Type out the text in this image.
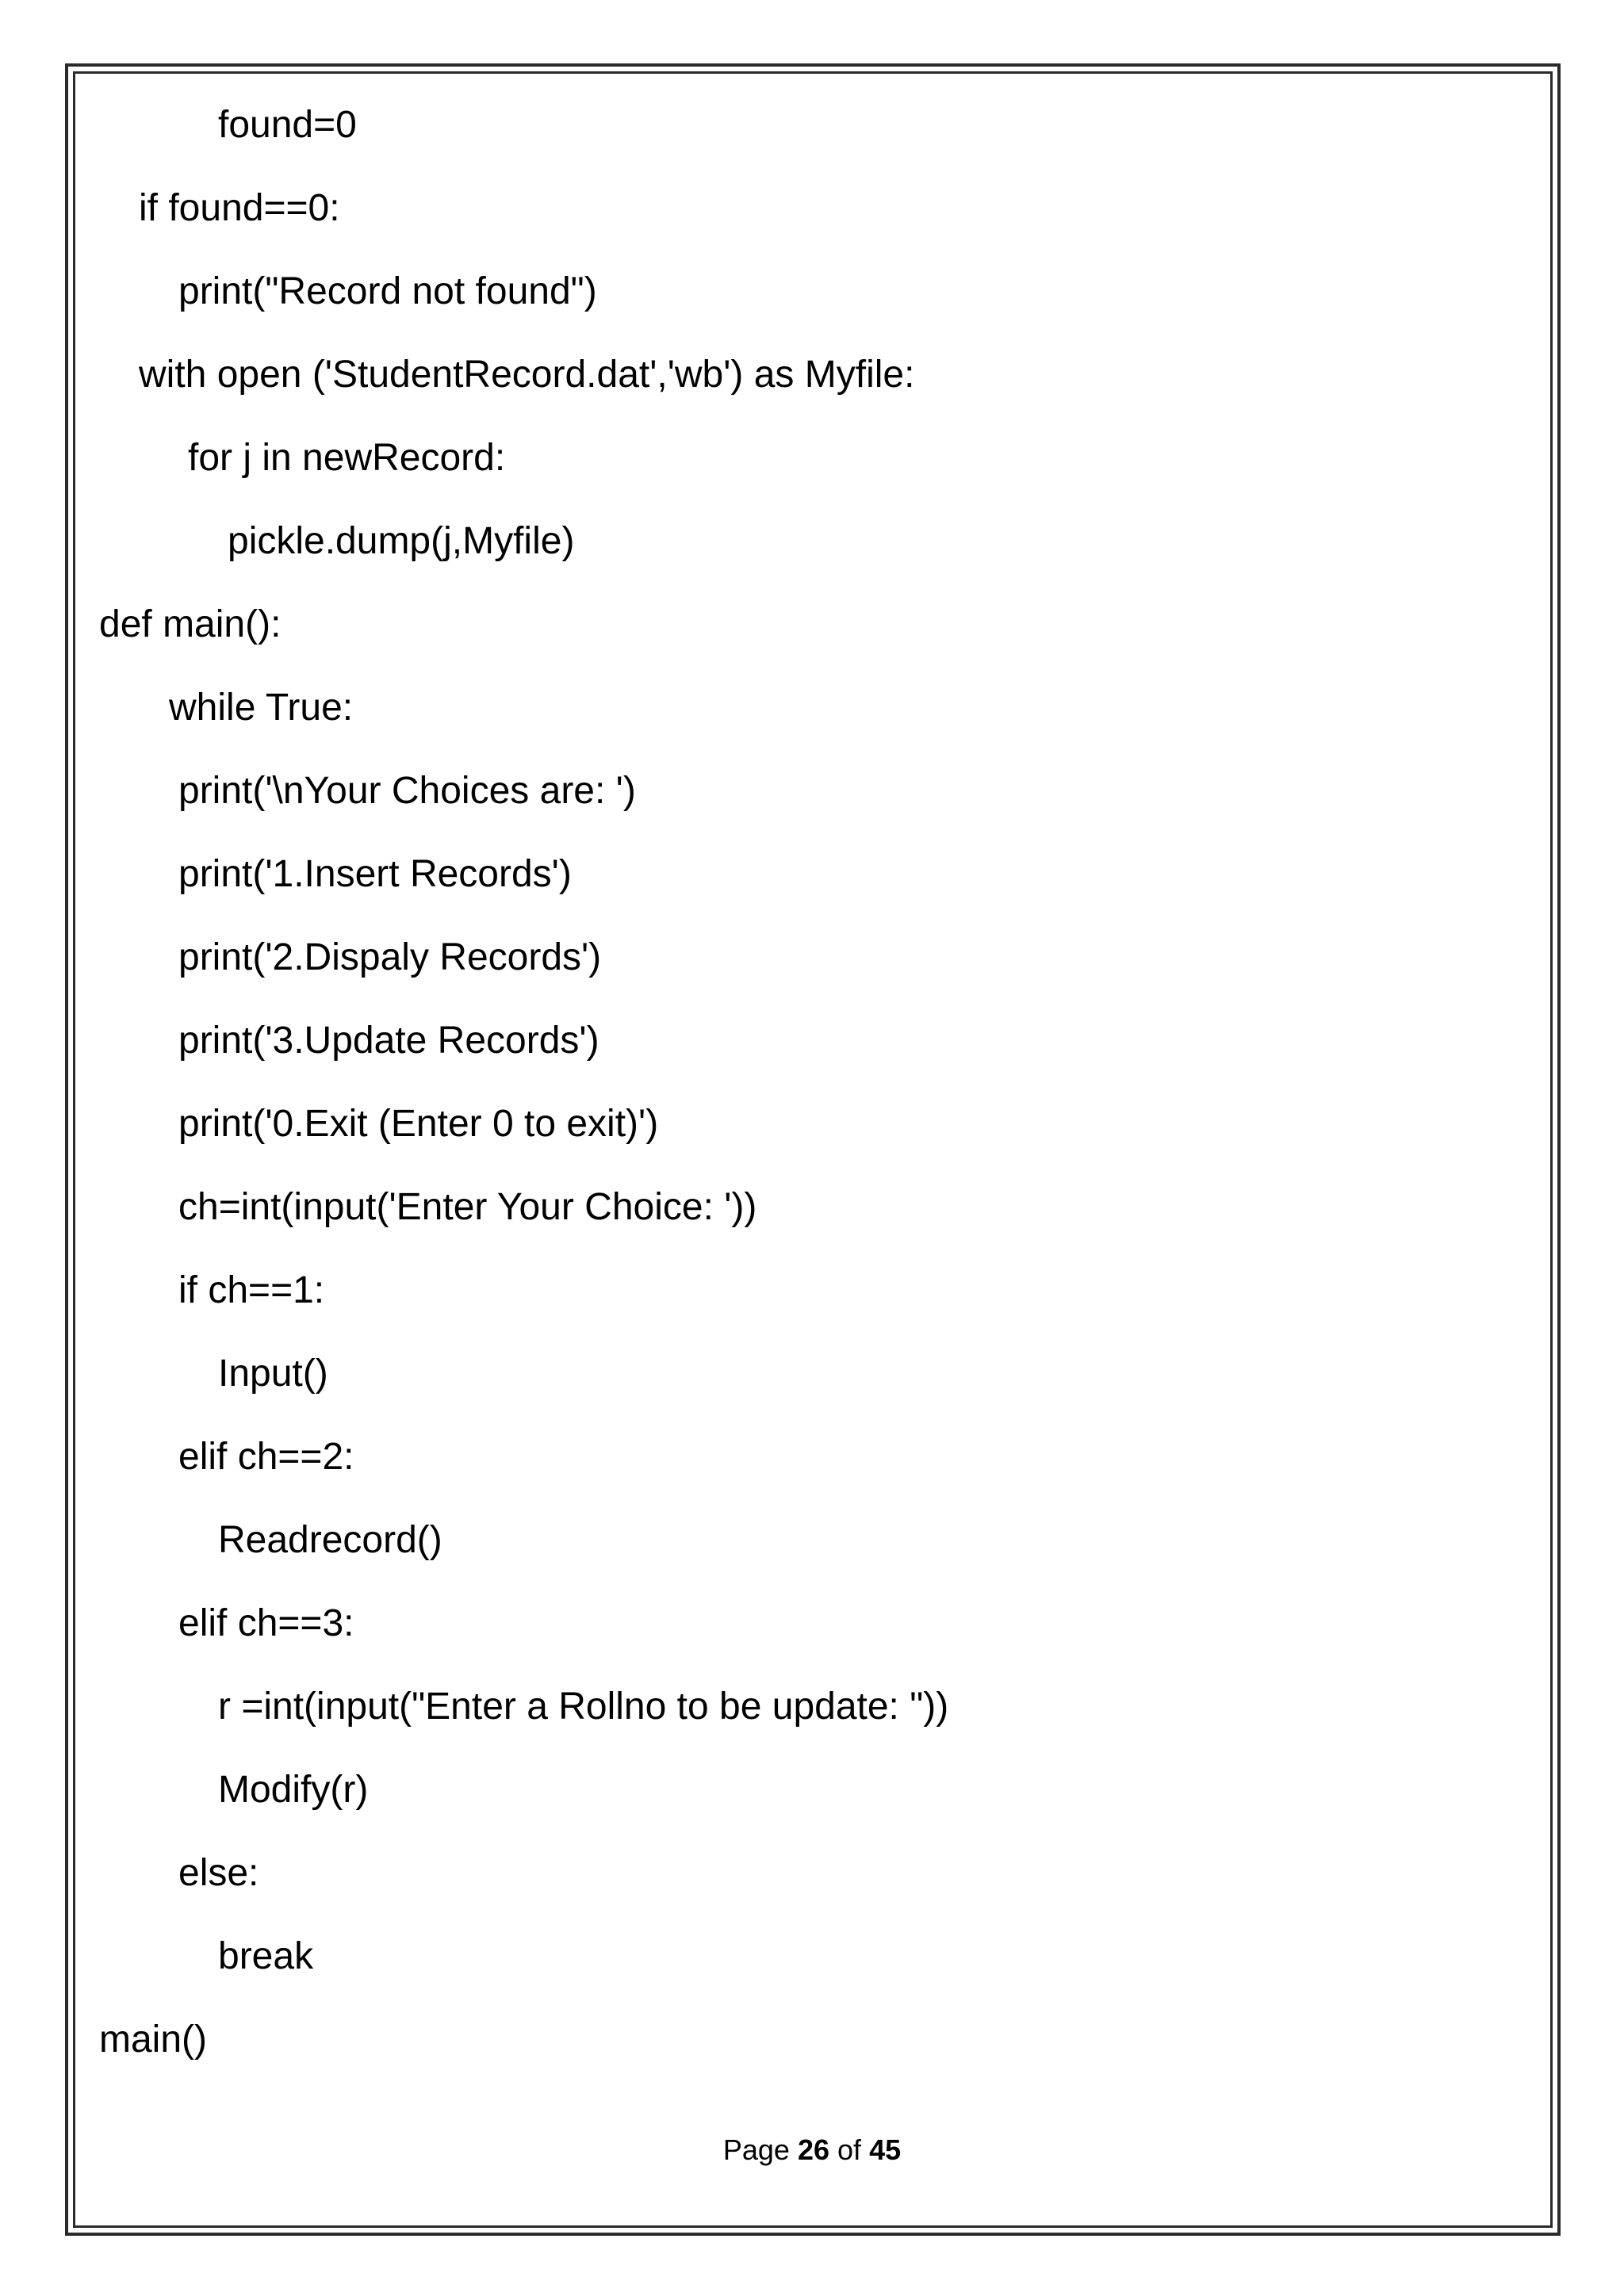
found=0
if found==0:
print("Record not found")
with open ('StudentRecord.dat','wb') as Myfile:
for j in newRecord:
pickle.dump(j,Myfile)
def main():
while True:
print('\nYour Choices are: ')
print('1.Insert Records')
print('2.Dispaly Records')
print('3.Update Records')
print('0.Exit (Enter 0 to exit)')
ch=int(input('Enter Your Choice: '))
if ch==1:
Input()
elif ch==2:
Readrecord()
elif ch==3:
r =int(input("Enter a Rollno to be update: "))
Modify(r)
else:
break
main()
Page 26 of 45
